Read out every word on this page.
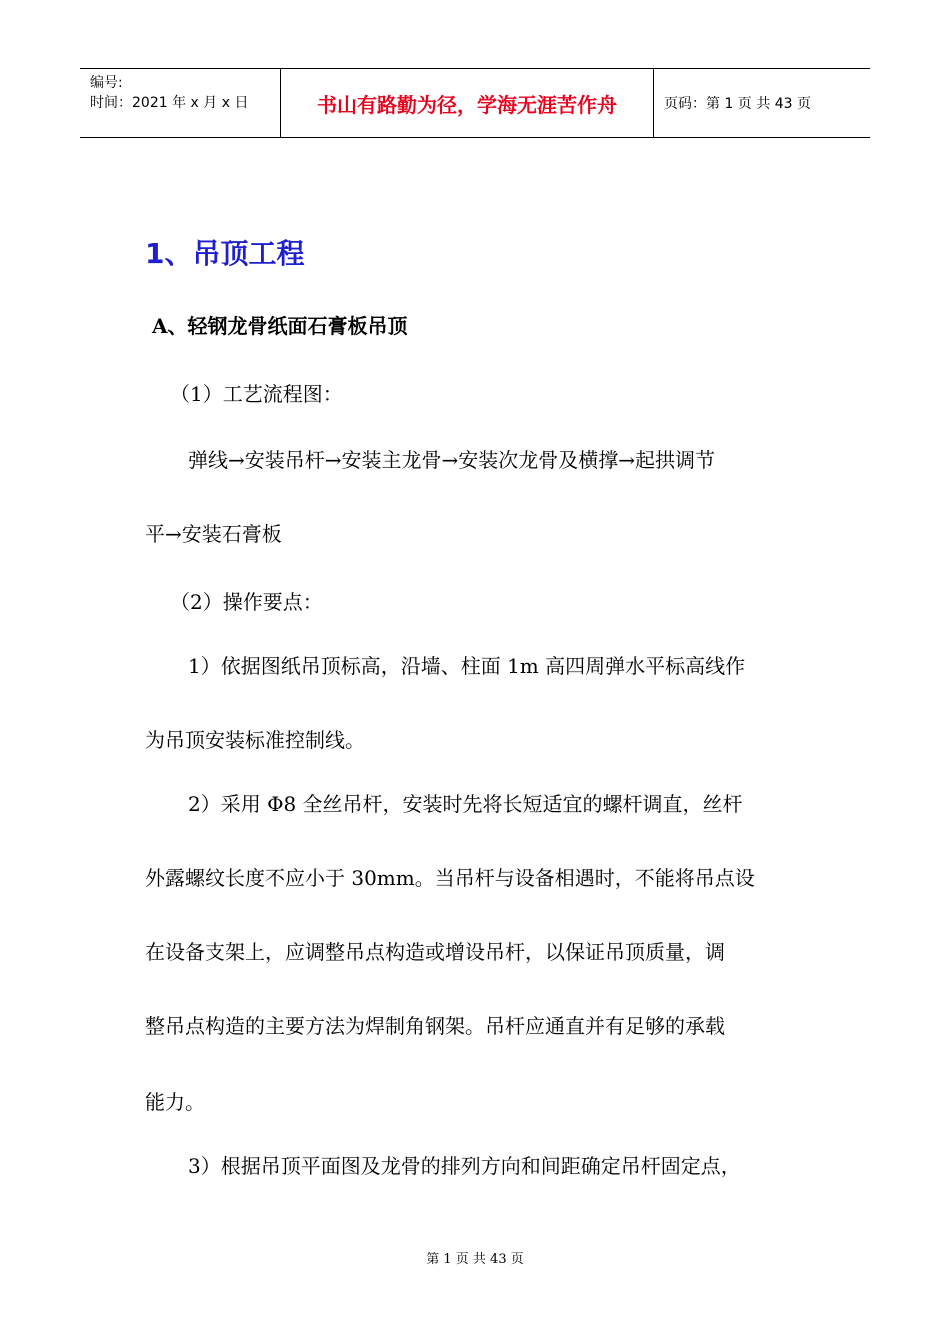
编号:
时间：2021 年 x 月 x 日	书山有路勤为径，学海无涯苦作舟	页码：第 1 页 共 43 页
1、吊顶工程
A、轻钢龙骨纸面石膏板吊顶
（1）工艺流程图：
弹线→安装吊杆→安装主龙骨→安装次龙骨及横撑→起拱调节
平→安装石膏板
（2）操作要点：
1）依据图纸吊顶标高，沿墙、柱面 1m 高四周弹水平标高线作
为吊顶安装标准控制线。
2）采用 Φ8 全丝吊杆，安装时先将长短适宜的螺杆调直，丝杆
外露螺纹长度不应小于 30mm。当吊杆与设备相遇时，不能将吊点设
在设备支架上，应调整吊点构造或增设吊杆，以保证吊顶质量，调
整吊点构造的主要方法为焊制角钢架。吊杆应通直并有足够的承载
能力。
3）根据吊顶平面图及龙骨的排列方向和间距确定吊杆固定点，
第 1 页 共 43 页
